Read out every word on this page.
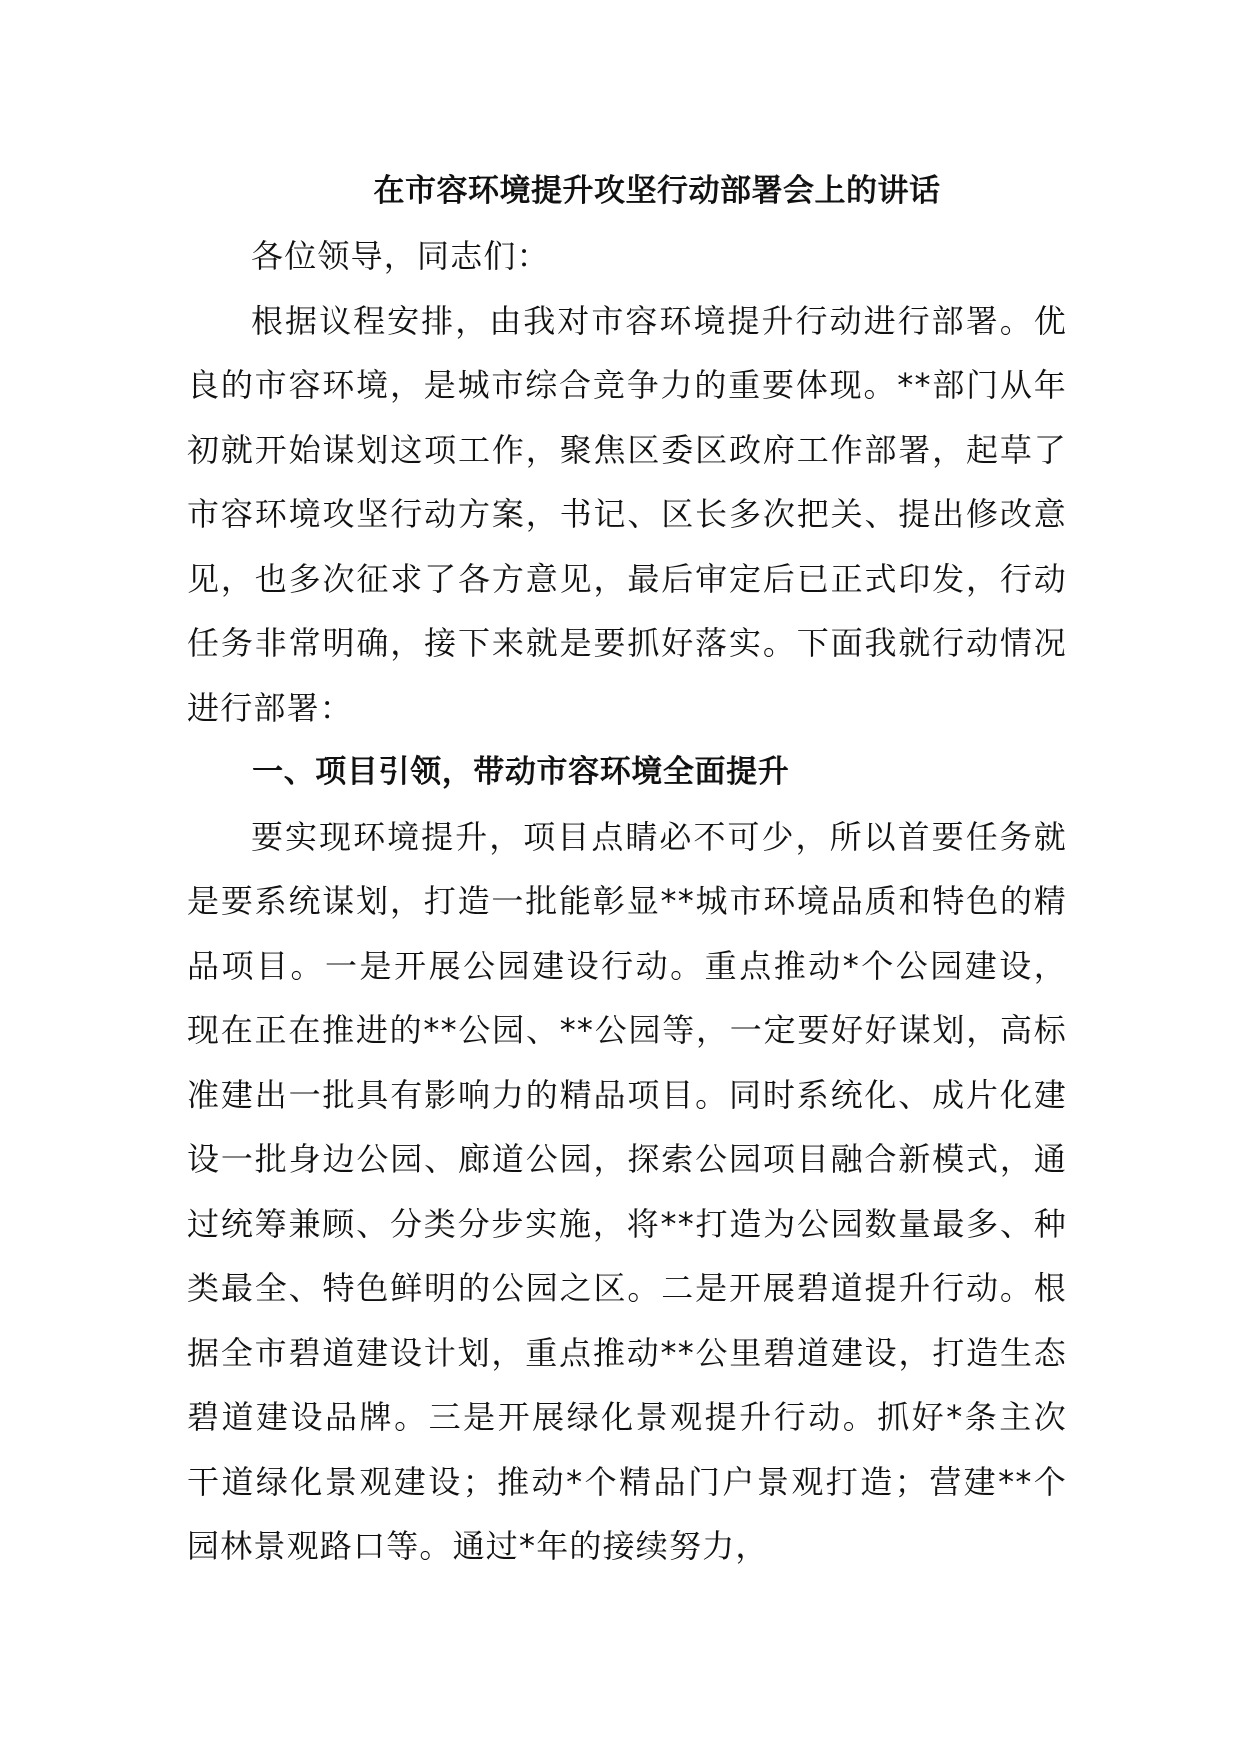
在市容环境提升攻坚行动部署会上的讲话

各位领导，同志们：

根据议程安排，由我对市容环境提升行动进行部署。优良的市容环境，是城市综合竞争力的重要体现。**部门从年初就开始谋划这项工作，聚焦区委区政府工作部署，起草了市容环境攻坚行动方案，书记、区长多次把关、提出修改意见，也多次征求了各方意见，最后审定后已正式印发，行动任务非常明确，接下来就是要抓好落实。下面我就行动情况进行部署：

一、项目引领，带动市容环境全面提升

要实现环境提升，项目点睛必不可少，所以首要任务就是要系统谋划，打造一批能彰显**城市环境品质和特色的精品项目。一是开展公园建设行动。重点推动*个公园建设，现在正在推进的**公园、**公园等，一定要好好谋划，高标准建出一批具有影响力的精品项目。同时系统化、成片化建设一批身边公园、廊道公园，探索公园项目融合新模式，通过统筹兼顾、分类分步实施，将**打造为公园数量最多、种类最全、特色鲜明的公园之区。二是开展碧道提升行动。根据全市碧道建设计划，重点推动**公里碧道建设，打造生态碧道建设品牌。三是开展绿化景观提升行动。抓好*条主次干道绿化景观建设；推动*个精品门户景观打造；营建**个园林景观路口等。通过*年的接续努力，
